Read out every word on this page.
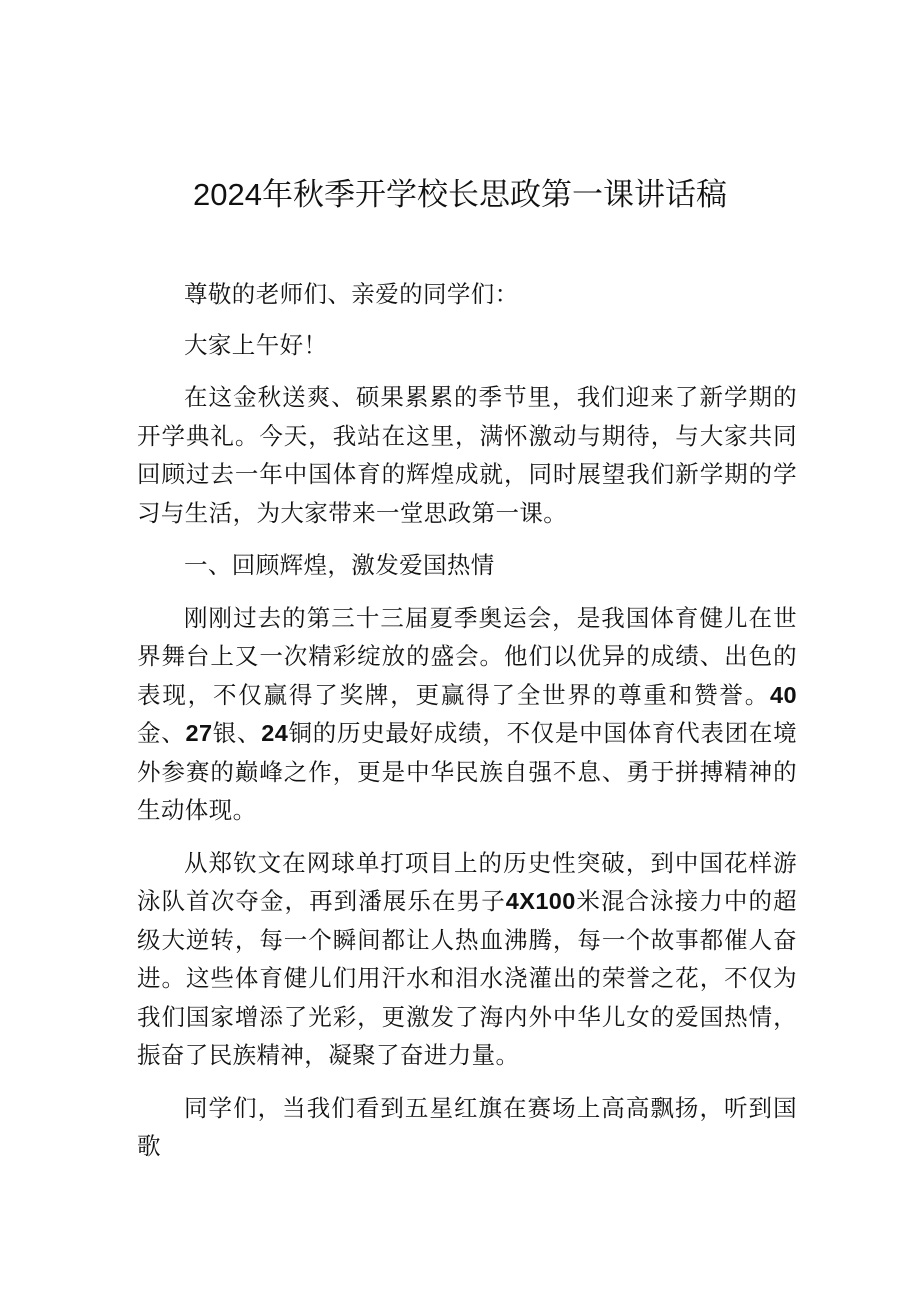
2024年秋季开学校长思政第一课讲话稿

尊敬的老师们、亲爱的同学们：

大家上午好！

在这金秋送爽、硕果累累的季节里，我们迎来了新学期的开学典礼。今天，我站在这里，满怀激动与期待，与大家共同回顾过去一年中国体育的辉煌成就，同时展望我们新学期的学习与生活，为大家带来一堂思政第一课。

一、回顾辉煌，激发爱国热情

刚刚过去的第三十三届夏季奥运会，是我国体育健儿在世界舞台上又一次精彩绽放的盛会。他们以优异的成绩、出色的表现，不仅赢得了奖牌，更赢得了全世界的尊重和赞誉。40金、27银、24铜的历史最好成绩，不仅是中国体育代表团在境外参赛的巅峰之作，更是中华民族自强不息、勇于拼搏精神的生动体现。

从郑钦文在网球单打项目上的历史性突破，到中国花样游泳队首次夺金，再到潘展乐在男子4X100米混合泳接力中的超级大逆转，每一个瞬间都让人热血沸腾，每一个故事都催人奋进。这些体育健儿们用汗水和泪水浇灌出的荣誉之花，不仅为我们国家增添了光彩，更激发了海内外中华儿女的爱国热情，振奋了民族精神，凝聚了奋进力量。

同学们，当我们看到五星红旗在赛场上高高飘扬，听到国歌
